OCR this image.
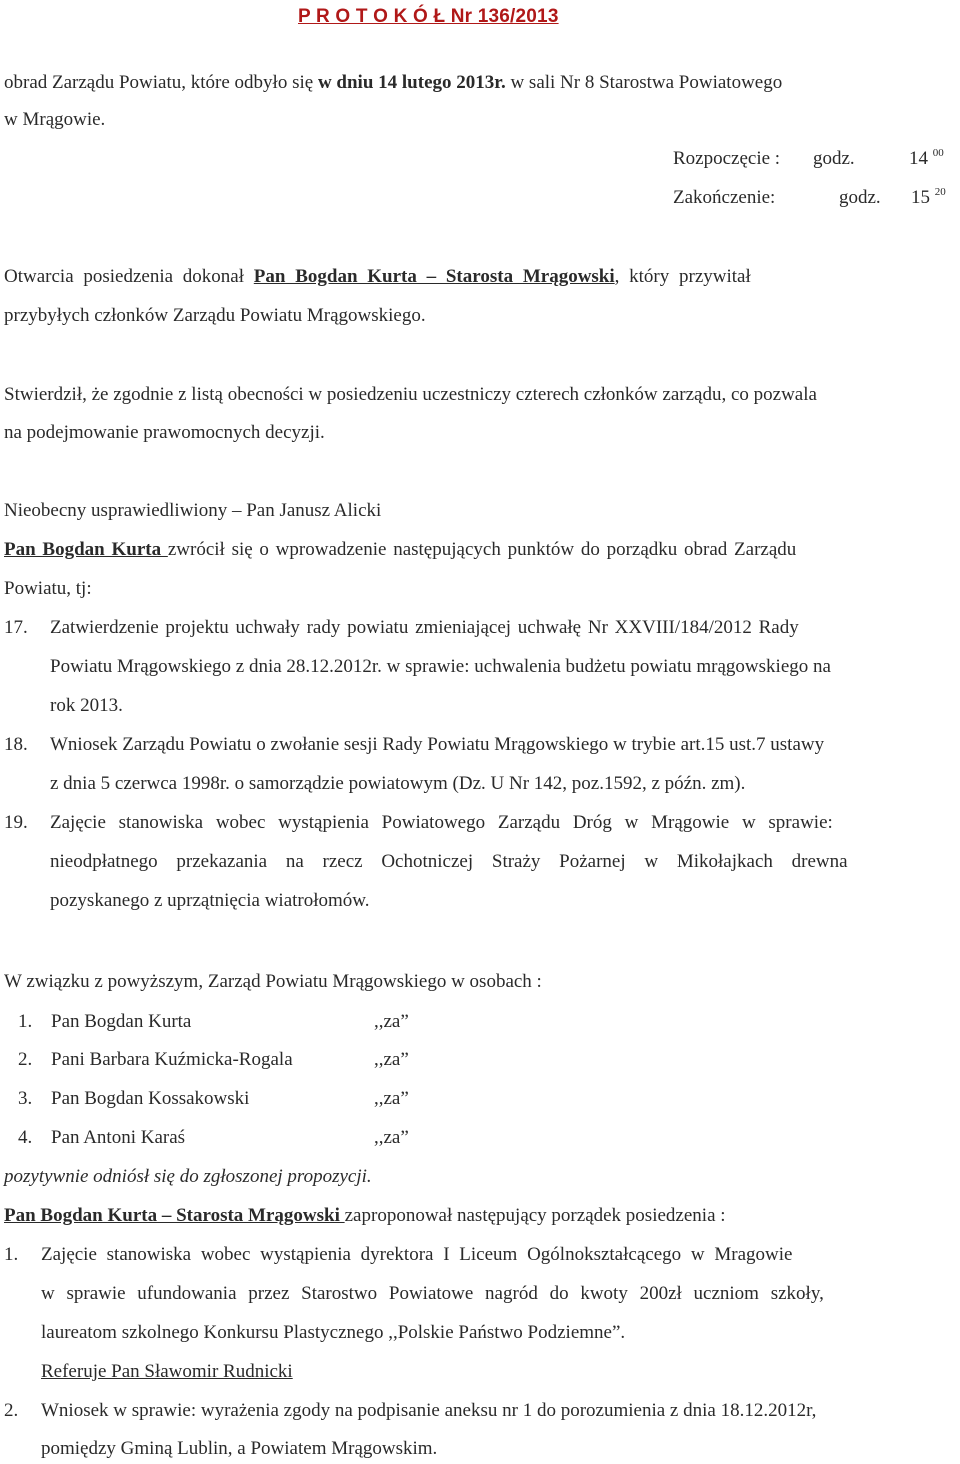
P R O T O K Ó Ł Nr 136/2013
obrad Zarządu Powiatu, które odbyło się w dniu 14 lutego 2013r. w sali Nr 8 Starostwa Powiatowego
w Mrągowie.
Rozpoczęcie : godz.	14 $^{00}$
Zakończenie:	godz. 15 $^{20}$
Otwarcia posiedzenia dokonał Pan Bogdan Kurta – Starosta Mrągowski, który przywitał
przybyłych członków Zarządu Powiatu Mrągowskiego.
Stwierdził, że zgodnie z listą obecności w posiedzeniu uczestniczy czterech członków zarządu, co pozwala
na podejmowanie prawomocnych decyzji.
Nieobecny usprawiedliwiony – Pan Janusz Alicki
Pan Bogdan Kurta zwrócił się o wprowadzenie następujących punktów do porządku obrad Zarządu
Powiatu, tj:
17. Zatwierdzenie projektu uchwały rady powiatu zmieniającej uchwałę Nr XXVIII/184/2012 Rady
Powiatu Mrągowskiego z dnia 28.12.2012r. w sprawie: uchwalenia budżetu powiatu mrągowskiego na
rok 2013.
18. Wniosek Zarządu Powiatu o zwołanie sesji Rady Powiatu Mrągowskiego w trybie art.15 ust.7 ustawy
z dnia 5 czerwca 1998r. o samorządzie powiatowym (Dz. U Nr 142, poz.1592, z późn. zm).
19. Zajęcie stanowiska wobec wystąpienia Powiatowego Zarządu Dróg w Mrągowie w sprawie:
nieodpłatnego przekazania na rzecz Ochotniczej Straży Pożarnej w Mikołajkach drewna
pozyskanego z uprzątnięcia wiatrołomów.
W związku z powyższym, Zarząd Powiatu Mrągowskiego w osobach :
1. Pan Bogdan Kurta	,,za”
2. Pani Barbara Kuźmicka-Rogala	,,za”
3. Pan Bogdan Kossakowski	,,za”
4. Pan Antoni Karaś	,,za”
pozytywnie odniósł się do zgłoszonej propozycji.
Pan Bogdan Kurta – Starosta Mrągowski zaproponował następujący porządek posiedzenia :
1. Zajęcie stanowiska wobec wystąpienia dyrektora I Liceum Ogólnokształcącego w Mragowie
w sprawie ufundowania przez Starostwo Powiatowe nagród do kwoty 200zł uczniom szkoły,
laureatom szkolnego Konkursu Plastycznego ,,Polskie Państwo Podziemne”.
Referuje Pan Sławomir Rudnicki
2. Wniosek w sprawie: wyrażenia zgody na podpisanie aneksu nr 1 do porozumienia z dnia 18.12.2012r,
pomiędzy Gminą Lublin, a Powiatem Mrągowskim.
